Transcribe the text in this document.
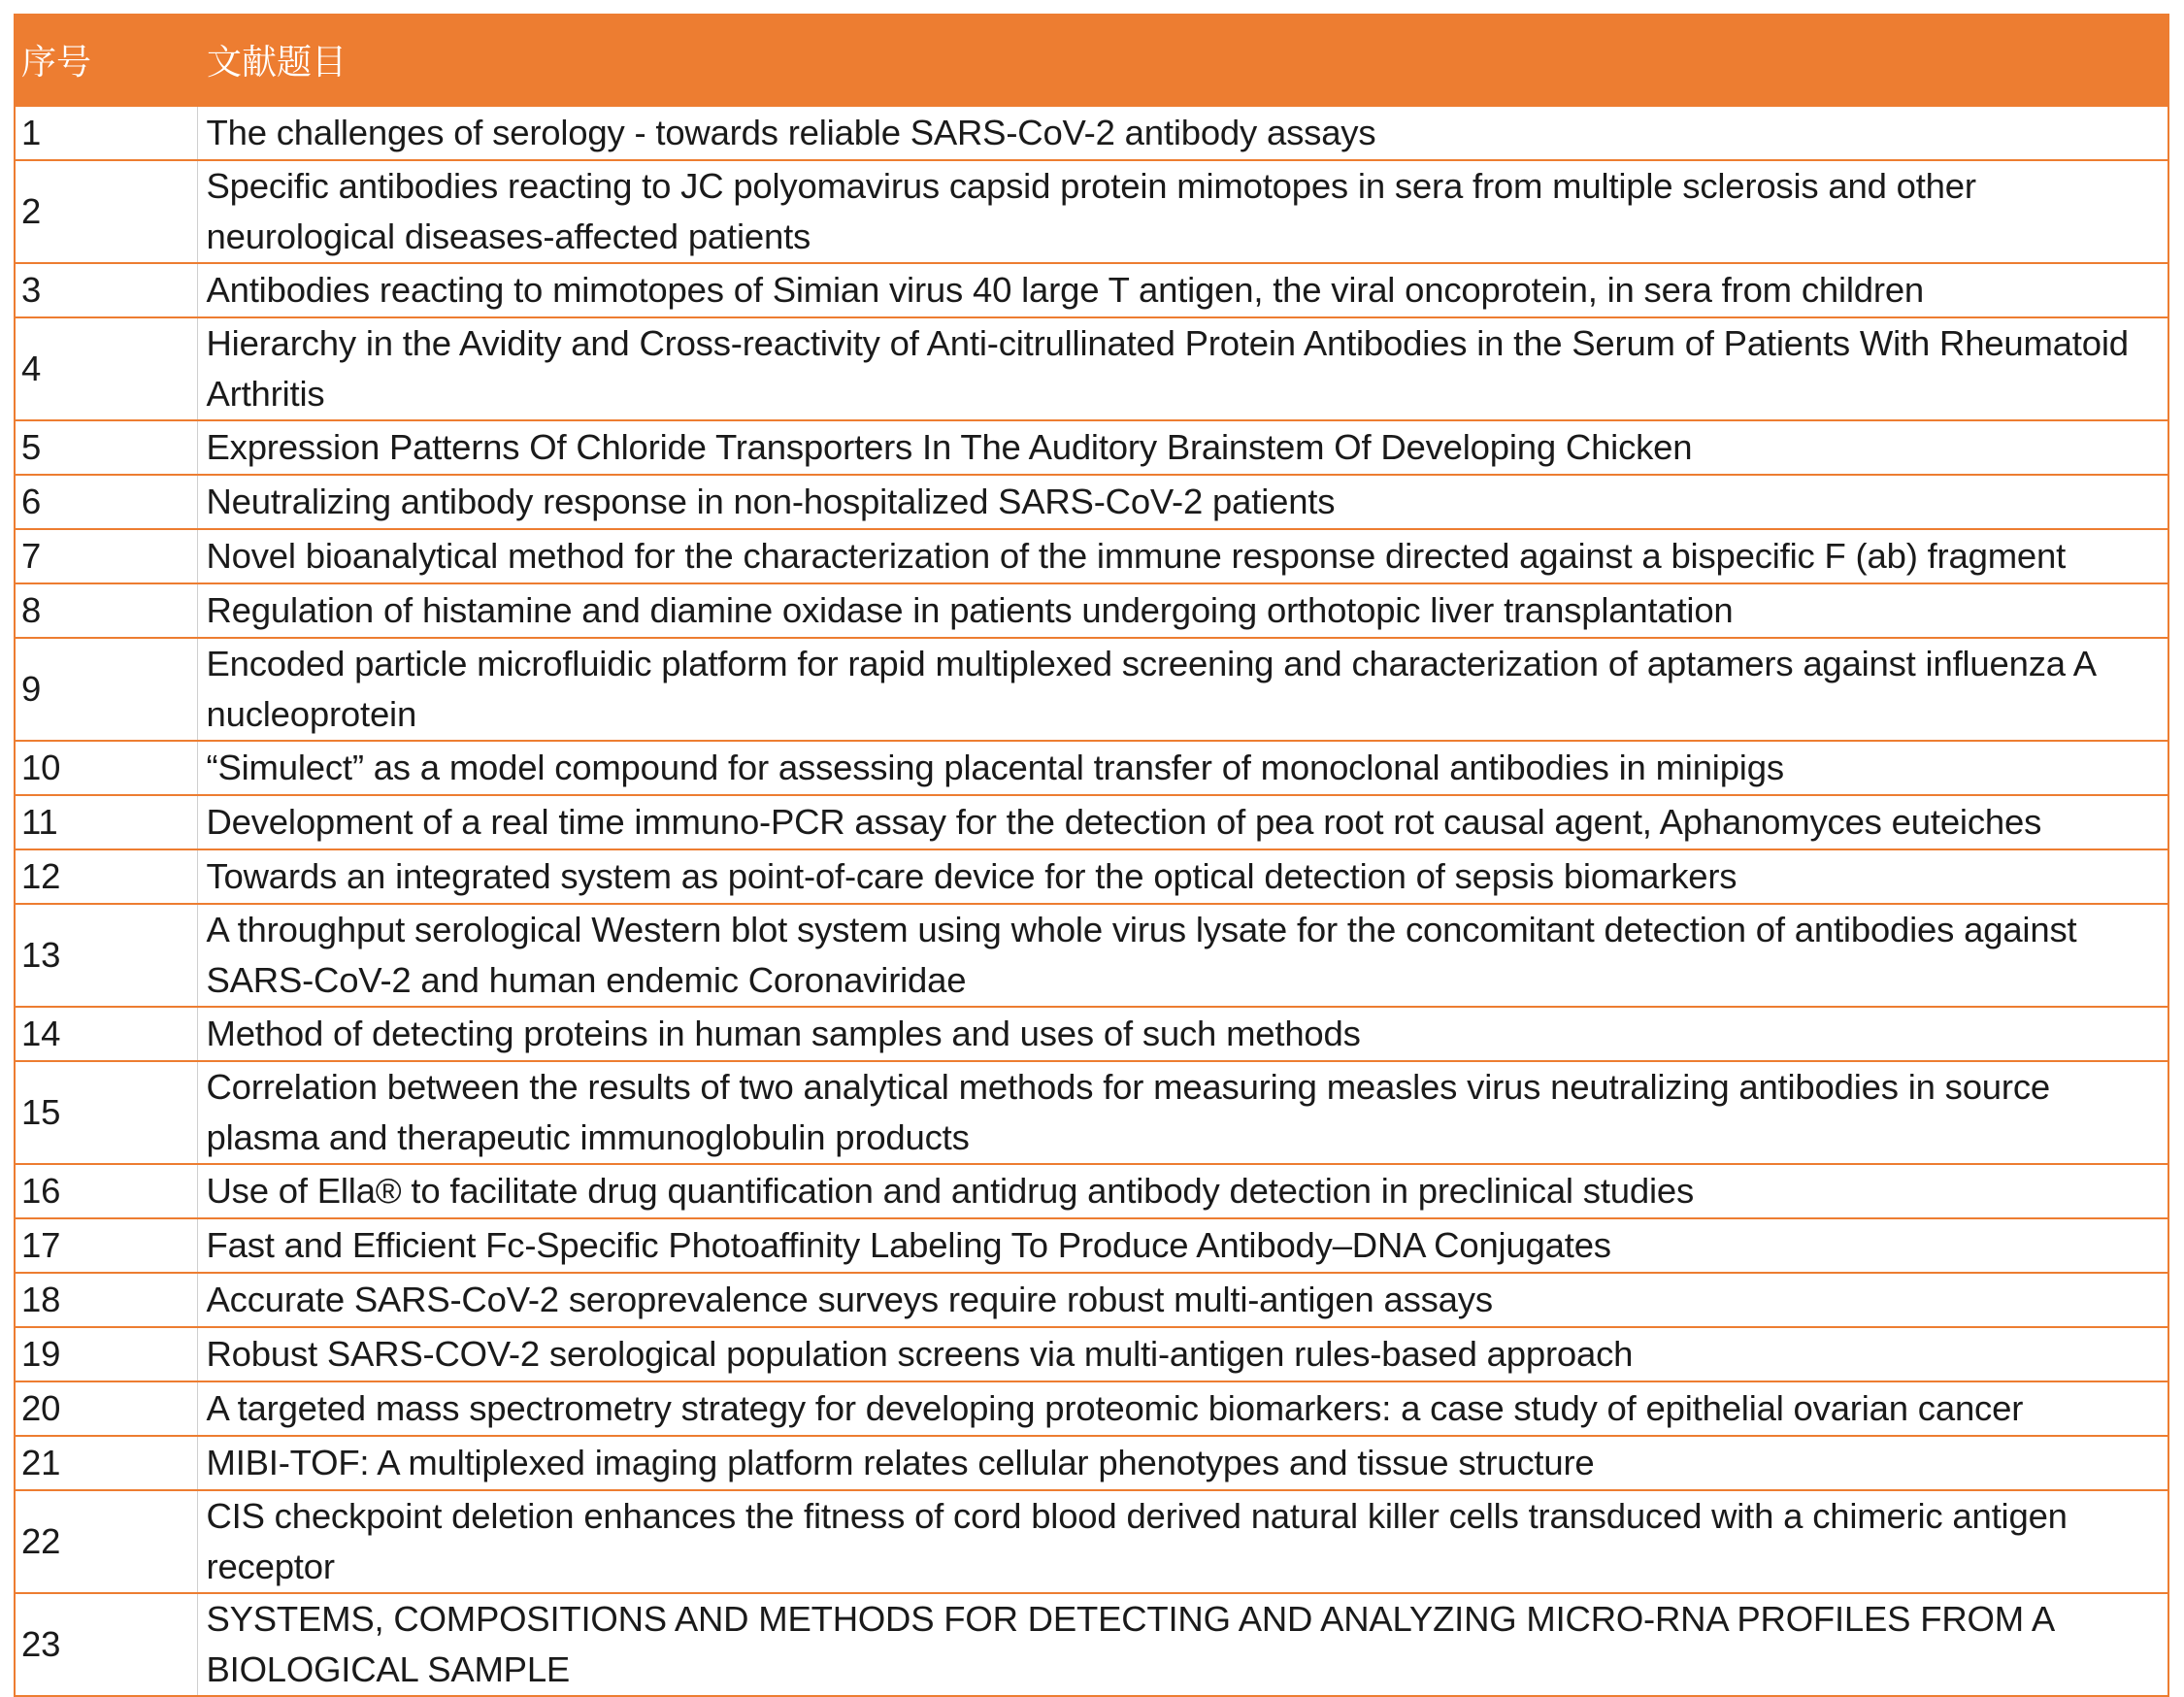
序号	文献题目
1	The challenges of serology - towards reliable SARS-CoV-2 antibody assays
2	Specific antibodies reacting to JC polyomavirus capsid protein mimotopes in sera from multiple sclerosis and other neurological diseases-affected patients
3	Antibodies reacting to mimotopes of Simian virus 40 large T antigen, the viral oncoprotein, in sera from children
4	Hierarchy in the Avidity and Cross-reactivity of Anti-citrullinated Protein Antibodies in the Serum of Patients With Rheumatoid Arthritis
5	Expression Patterns Of Chloride Transporters In The Auditory Brainstem Of Developing Chicken
6	Neutralizing antibody response in non-hospitalized SARS-CoV-2 patients
7	Novel bioanalytical method for the characterization of the immune response directed against a bispecific F (ab) fragment
8	Regulation of histamine and diamine oxidase in patients undergoing orthotopic liver transplantation
9	Encoded particle microfluidic platform for rapid multiplexed screening and characterization of aptamers against influenza A nucleoprotein
10	“Simulect” as a model compound for assessing placental transfer of monoclonal antibodies in minipigs
11	Development of a real time immuno-PCR assay for the detection of pea root rot causal agent, Aphanomyces euteiches
12	Towards an integrated system as point-of-care device for the optical detection of sepsis biomarkers
13	A throughput serological Western blot system using whole virus lysate for the concomitant detection of antibodies against SARS-CoV-2 and human endemic Coronaviridae
14	Method of detecting proteins in human samples and uses of such methods
15	Correlation between the results of two analytical methods for measuring measles virus neutralizing antibodies in source plasma and therapeutic immunoglobulin products
16	Use of Ella® to facilitate drug quantification and antidrug antibody detection in preclinical studies
17	Fast and Efficient Fc-Specific Photoaffinity Labeling To Produce Antibody–DNA Conjugates
18	Accurate SARS-CoV-2 seroprevalence surveys require robust multi-antigen assays
19	Robust SARS-COV-2 serological population screens via multi-antigen rules-based approach
20	A targeted mass spectrometry strategy for developing proteomic biomarkers: a case study of epithelial ovarian cancer
21	MIBI-TOF: A multiplexed imaging platform relates cellular phenotypes and tissue structure
22	CIS checkpoint deletion enhances the fitness of cord blood derived natural killer cells transduced with a chimeric antigen receptor
23	SYSTEMS, COMPOSITIONS AND METHODS FOR DETECTING AND ANALYZING MICRO-RNA PROFILES FROM A BIOLOGICAL SAMPLE
